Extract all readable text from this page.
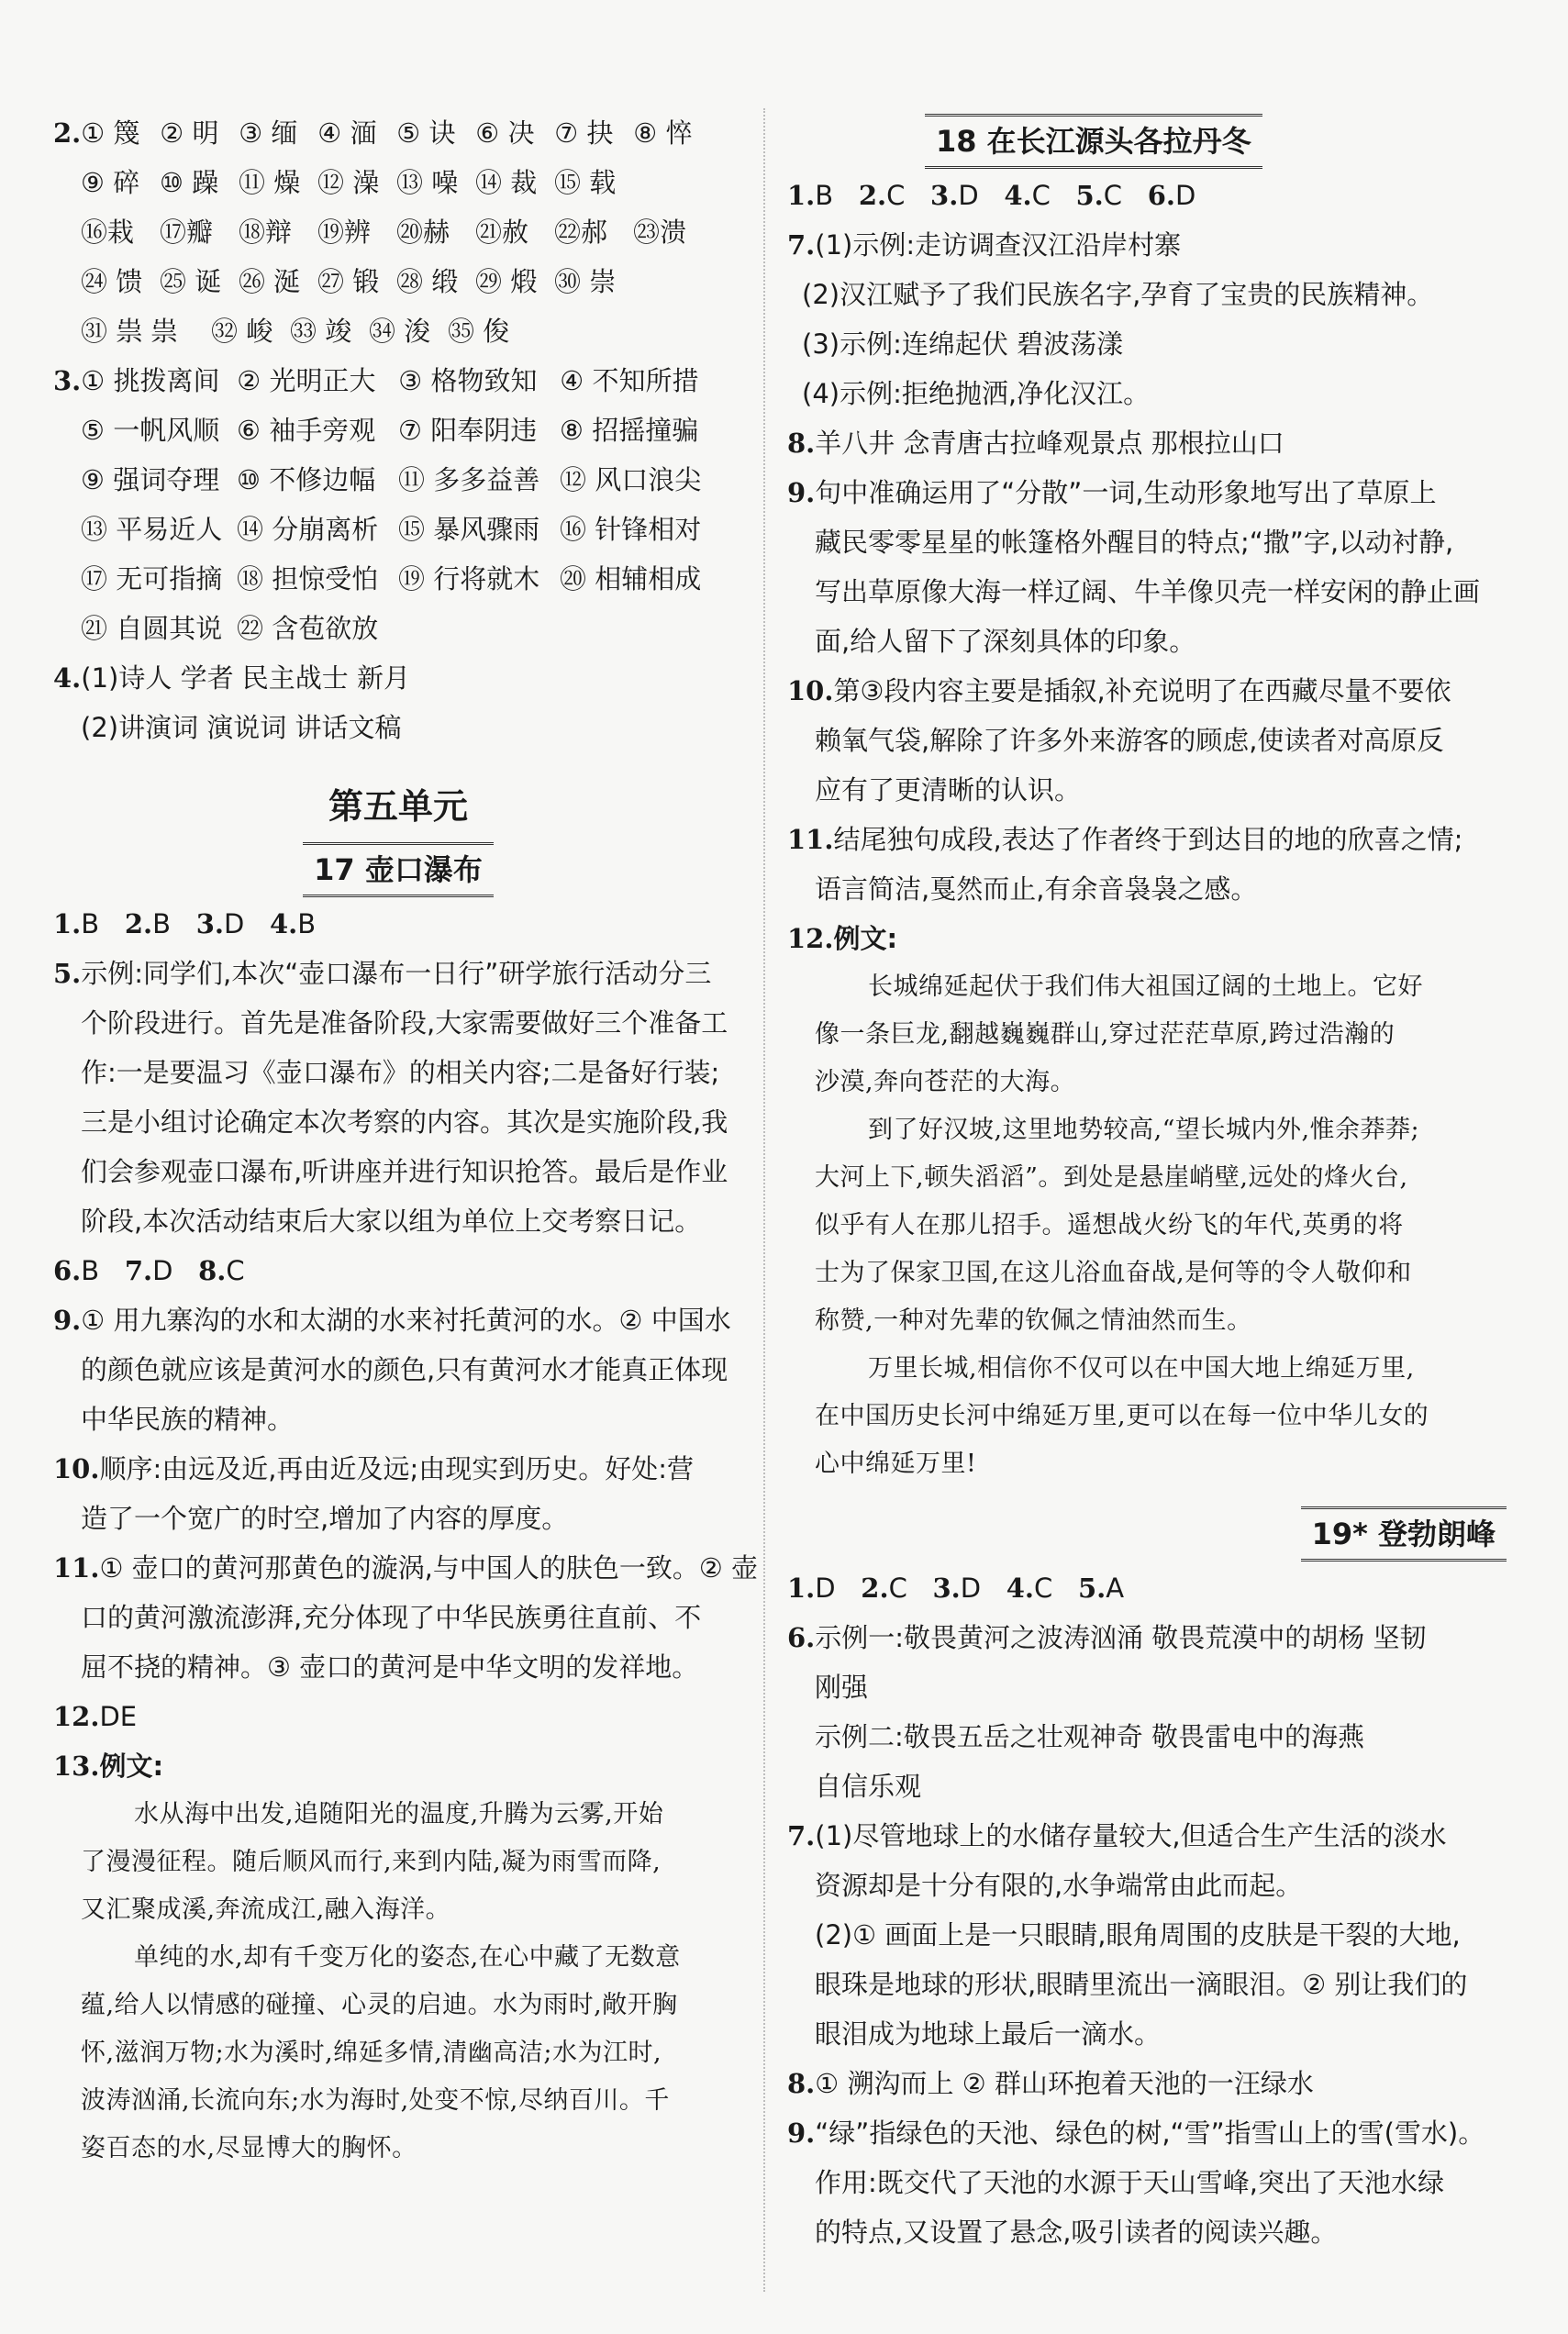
2.① 篾 ② 明 ③ 缅 ④ 湎 ⑤ 诀 ⑥ 决 ⑦ 抉 ⑧ 悴
⑨ 碎 ⑩ 躁 ⑪ 燥 ⑫ 澡 ⑬ 噪 ⑭ 裁 ⑮ 载
⑯栽 ⑰瓣 ⑱辩 ⑲辨 ⑳赫 ㉑赦 ㉒郝 ㉓溃
㉔ 馈 ㉕ 诞 ㉖ 涎 ㉗ 锻 ㉘ 缎 ㉙ 煅 ㉚ 崇
㉛ 祟 祟 ㉜ 峻 ㉝ 竣 ㉞ 浚 ㉟ 俊
3.① 挑拨离间 ② 光明正大 ③ 格物致知 ④ 不知所措
⑤ 一帆风顺 ⑥ 袖手旁观 ⑦ 阳奉阴违 ⑧ 招摇撞骗
⑨ 强词夺理 ⑩ 不修边幅 ⑪ 多多益善 ⑫ 风口浪尖
⑬ 平易近人 ⑭ 分崩离析 ⑮ 暴风骤雨 ⑯ 针锋相对
⑰ 无可指摘 ⑱ 担惊受怕 ⑲ 行将就木 ⑳ 相辅相成
㉑ 自圆其说 ㉒ 含苞欲放
4.(1)诗人 学者 民主战士 新月
(2)讲演词 演说词 讲话文稿
第五单元
17 壶口瀑布
1.B 2.B 3.D 4.B
5.示例:同学们,本次“壶口瀑布一日行”研学旅行活动分三
个阶段进行。首先是准备阶段,大家需要做好三个准备工
作:一是要温习《壶口瀑布》的相关内容;二是备好行装;
三是小组讨论确定本次考察的内容。其次是实施阶段,我
们会参观壶口瀑布,听讲座并进行知识抢答。最后是作业
阶段,本次活动结束后大家以组为单位上交考察日记。
6.B 7.D 8.C
9.① 用九寨沟的水和太湖的水来衬托黄河的水。② 中国水
的颜色就应该是黄河水的颜色,只有黄河水才能真正体现
中华民族的精神。
10.顺序:由远及近,再由近及远;由现实到历史。好处:营
造了一个宽广的时空,增加了内容的厚度。
11.① 壶口的黄河那黄色的漩涡,与中国人的肤色一致。② 壶
口的黄河激流澎湃,充分体现了中华民族勇往直前、不
屈不挠的精神。③ 壶口的黄河是中华文明的发祥地。
12.DE
13.例文:
水从海中出发,追随阳光的温度,升腾为云雾,开始
了漫漫征程。随后顺风而行,来到内陆,凝为雨雪而降,
又汇聚成溪,奔流成江,融入海洋。
单纯的水,却有千变万化的姿态,在心中藏了无数意
蕴,给人以情感的碰撞、心灵的启迪。水为雨时,敞开胸
怀,滋润万物;水为溪时,绵延多情,清幽高洁;水为江时,
波涛汹涌,长流向东;水为海时,处变不惊,尽纳百川。千
姿百态的水,尽显博大的胸怀。
18 在长江源头各拉丹冬
1.B 2.C 3.D 4.C 5.C 6.D
7.(1)示例:走访调查汉江沿岸村寨
(2)汉江赋予了我们民族名字,孕育了宝贵的民族精神。
(3)示例:连绵起伏 碧波荡漾
(4)示例:拒绝抛洒,净化汉江。
8.羊八井 念青唐古拉峰观景点 那根拉山口
9.句中准确运用了“分散”一词,生动形象地写出了草原上
藏民零零星星的帐篷格外醒目的特点;“撒”字,以动衬静,
写出草原像大海一样辽阔、牛羊像贝壳一样安闲的静止画
面,给人留下了深刻具体的印象。
10.第③段内容主要是插叙,补充说明了在西藏尽量不要依
赖氧气袋,解除了许多外来游客的顾虑,使读者对高原反
应有了更清晰的认识。
11.结尾独句成段,表达了作者终于到达目的地的欣喜之情;
语言简洁,戛然而止,有余音袅袅之感。
12.例文:
长城绵延起伏于我们伟大祖国辽阔的土地上。它好
像一条巨龙,翻越巍巍群山,穿过茫茫草原,跨过浩瀚的
沙漠,奔向苍茫的大海。
到了好汉坡,这里地势较高,“望长城内外,惟余莽莽;
大河上下,顿失滔滔”。到处是悬崖峭壁,远处的烽火台,
似乎有人在那儿招手。遥想战火纷飞的年代,英勇的将
士为了保家卫国,在这儿浴血奋战,是何等的令人敬仰和
称赞,一种对先辈的钦佩之情油然而生。
万里长城,相信你不仅可以在中国大地上绵延万里,
在中国历史长河中绵延万里,更可以在每一位中华儿女的
心中绵延万里!
19* 登勃朗峰
1.D 2.C 3.D 4.C 5.A
6.示例一:敬畏黄河之波涛汹涌 敬畏荒漠中的胡杨 坚韧
刚强
示例二:敬畏五岳之壮观神奇 敬畏雷电中的海燕
自信乐观
7.(1)尽管地球上的水储存量较大,但适合生产生活的淡水
资源却是十分有限的,水争端常由此而起。
(2)① 画面上是一只眼睛,眼角周围的皮肤是干裂的大地,
眼珠是地球的形状,眼睛里流出一滴眼泪。② 别让我们的
眼泪成为地球上最后一滴水。
8.① 溯沟而上 ② 群山环抱着天池的一汪绿水
9.“绿”指绿色的天池、绿色的树,“雪”指雪山上的雪(雪水)。
作用:既交代了天池的水源于天山雪峰,突出了天池水绿
的特点,又设置了悬念,吸引读者的阅读兴趣。
